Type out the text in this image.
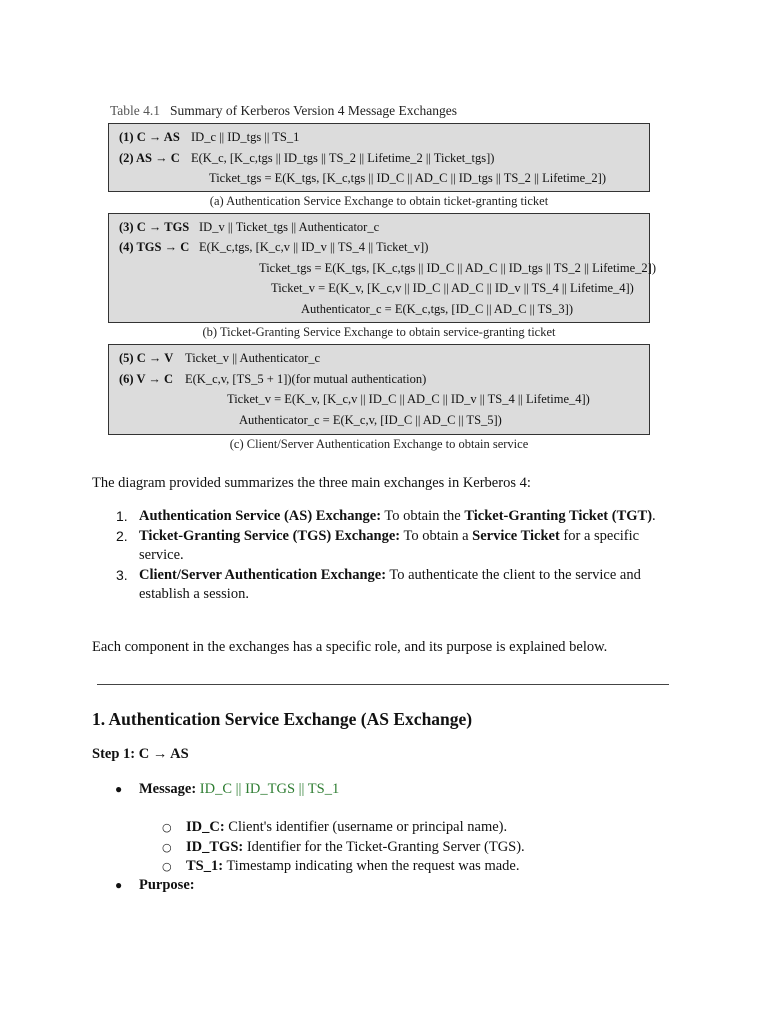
Table 4.1 Summary of Kerberos Version 4 Message Exchanges
(1) C → AS ID_c || ID_tgs || TS_1
(2) AS → C E(K_c, [K_c,tgs || ID_tgs || TS_2 || Lifetime_2 || Ticket_tgs])
Ticket_tgs = E(K_tgs, [K_c,tgs || ID_C || AD_C || ID_tgs || TS_2 || Lifetime_2])
(a) Authentication Service Exchange to obtain ticket-granting ticket
(3) C → TGS ID_v || Ticket_tgs || Authenticator_c
(4) TGS → C E(K_c,tgs, [K_c,v || ID_v || TS_4 || Ticket_v])
Ticket_tgs = E(K_tgs, [K_c,tgs || ID_C || AD_C || ID_tgs || TS_2 || Lifetime_2])
Ticket_v = E(K_v, [K_c,v || ID_C || AD_C || ID_v || TS_4 || Lifetime_4])
Authenticator_c = E(K_c,tgs, [ID_C || AD_C || TS_3])
(b) Ticket-Granting Service Exchange to obtain service-granting ticket
(5) C → V Ticket_v || Authenticator_c
(6) V → C E(K_c,v, [TS_5 + 1])(for mutual authentication)
Ticket_v = E(K_v, [K_c,v || ID_C || AD_C || ID_v || TS_4 || Lifetime_4])
Authenticator_c = E(K_c,v, [ID_C || AD_C || TS_5])
(c) Client/Server Authentication Exchange to obtain service
The diagram provided summarizes the three main exchanges in Kerberos 4:
1. Authentication Service (AS) Exchange: To obtain the Ticket-Granting Ticket (TGT).
2. Ticket-Granting Service (TGS) Exchange: To obtain a Service Ticket for a specific service.
3. Client/Server Authentication Exchange: To authenticate the client to the service and establish a session.
Each component in the exchanges has a specific role, and its purpose is explained below.
1. Authentication Service Exchange (AS Exchange)
Step 1: C → AS
● Message: ID_C || ID_TGS || TS_1
○ ID_C: Client's identifier (username or principal name).
○ ID_TGS: Identifier for the Ticket-Granting Server (TGS).
○ TS_1: Timestamp indicating when the request was made.
● Purpose:
